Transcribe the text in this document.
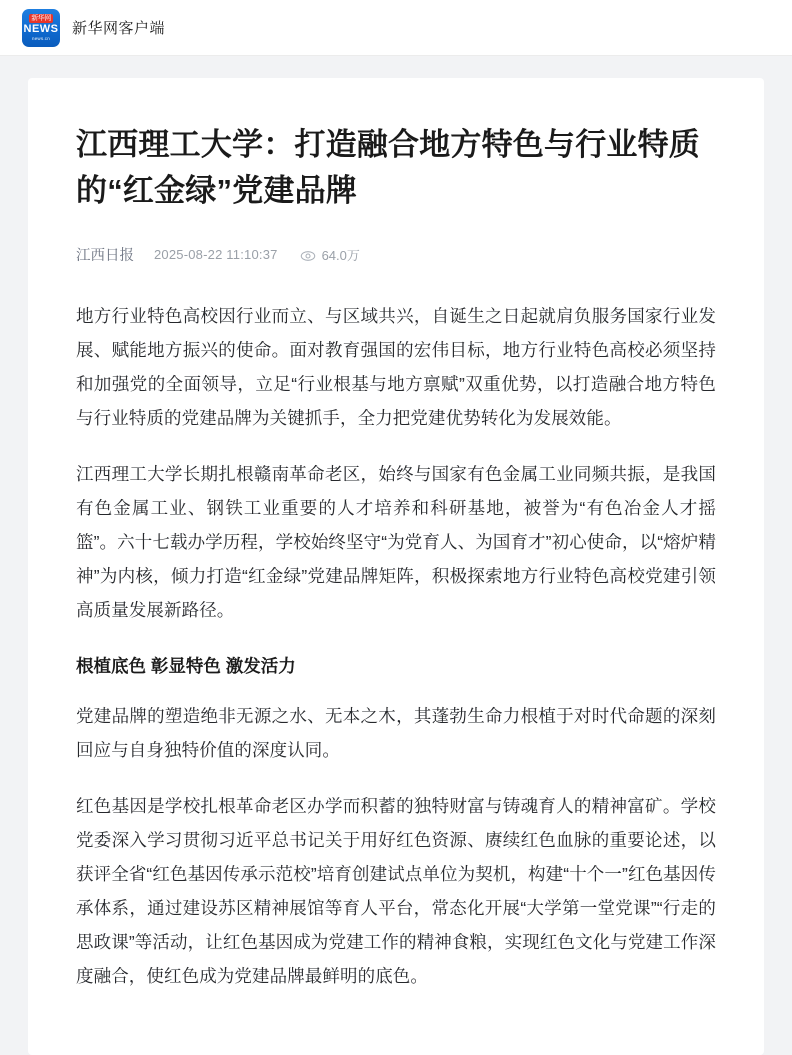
新华网
NEWS
news.cn
新华网客户端
江西理工大学：打造融合地方特色与行业特质的“红金绿”党建品牌
江西日报 2025-08-22 11:10:37	64.0万

地方行业特色高校因行业而立、与区域共兴，自诞生之日起就肩负服务国家行业发展、赋能地方振兴的使命。面对教育强国的宏伟目标，地方行业特色高校必须坚持和加强党的全面领导，立足“行业根基与地方禀赋”双重优势，以打造融合地方特色与行业特质的党建品牌为关键抓手，全力把党建优势转化为发展效能。

江西理工大学长期扎根赣南革命老区，始终与国家有色金属工业同频共振，是我国有色金属工业、钢铁工业重要的人才培养和科研基地，被誉为“有色冶金人才摇篮”。六十七载办学历程，学校始终坚守“为党育人、为国育才”初心使命，以“熔炉精神”为内核，倾力打造“红金绿”党建品牌矩阵，积极探索地方行业特色高校党建引领高质量发展新路径。

根植底色 彰显特色 激发活力

党建品牌的塑造绝非无源之水、无本之木，其蓬勃生命力根植于对时代命题的深刻回应与自身独特价值的深度认同。

红色基因是学校扎根革命老区办学而积蓄的独特财富与铸魂育人的精神富矿。学校党委深入学习贯彻习近平总书记关于用好红色资源、赓续红色血脉的重要论述，以获评全省“红色基因传承示范校”培育创建试点单位为契机，构建“十个一”红色基因传承体系，通过建设苏区精神展馆等育人平台，常态化开展“大学第一堂党课”“行走的思政课”等活动，让红色基因成为党建工作的精神食粮，实现红色文化与党建工作深度融合，使红色成为党建品牌最鲜明的底色。
